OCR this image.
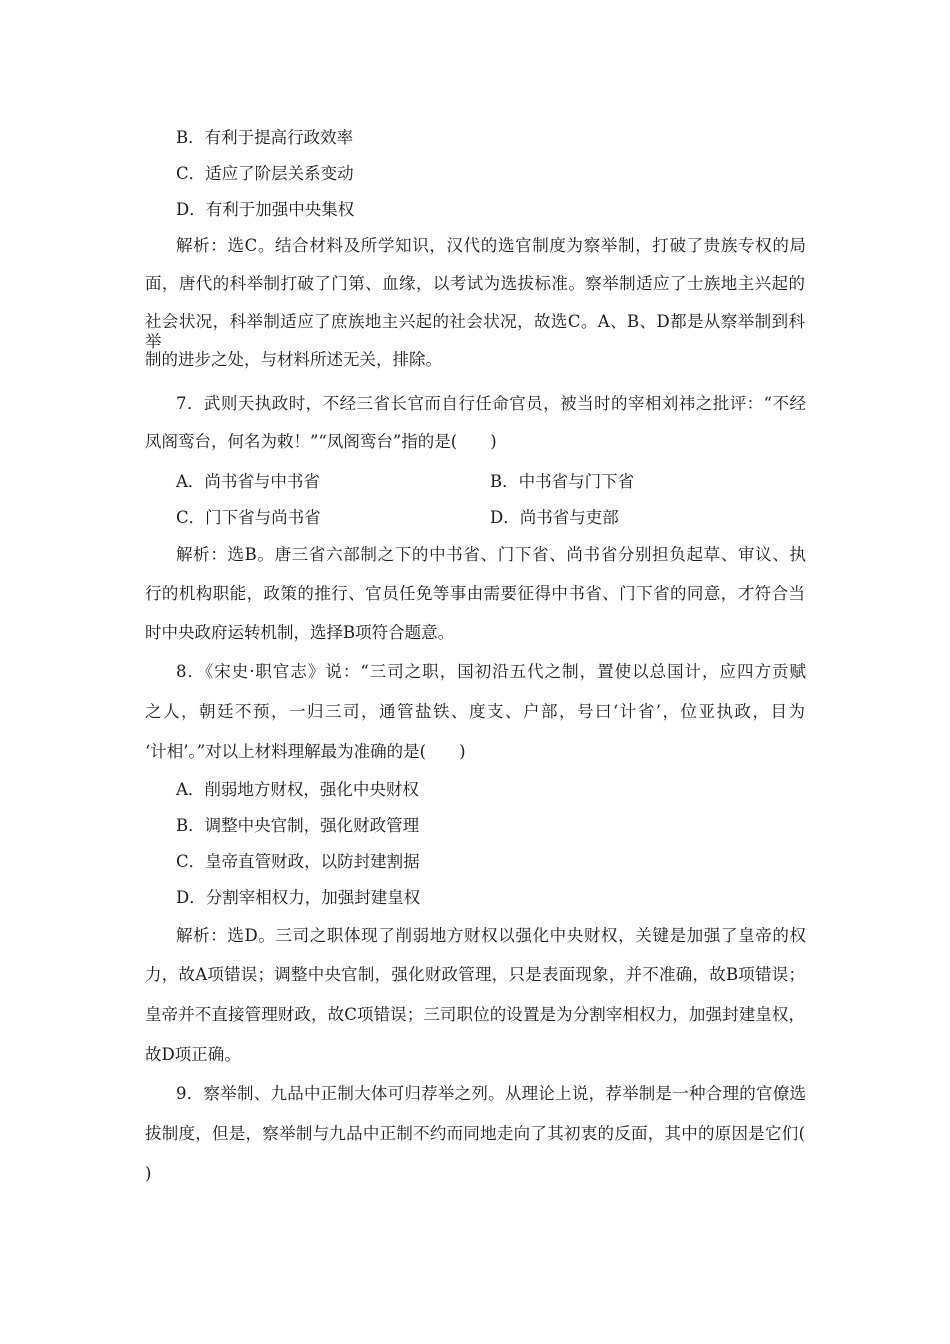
B．有利于提高行政效率
C．适应了阶层关系变动
D．有利于加强中央集权
解析：选C。结合材料及所学知识，汉代的选官制度为察举制，打破了贵族专权的局
面，唐代的科举制打破了门第、血缘，以考试为选拔标准。察举制适应了士族地主兴起的
社会状况，科举制适应了庶族地主兴起的社会状况，故选C。A、B、D都是从察举制到科举
制的进步之处，与材料所述无关，排除。
7．武则天执政时，不经三省长官而自行任命官员，被当时的宰相刘祎之批评：“不经
凤阁鸾台，何名为敕！”“凤阁鸾台”指的是(　　)
A．尚书省与中书省	B．中书省与门下省
C．门下省与尚书省	D．尚书省与吏部
解析：选B。唐三省六部制之下的中书省、门下省、尚书省分别担负起草、审议、执
行的机构职能，政策的推行、官员任免等事由需要征得中书省、门下省的同意，才符合当
时中央政府运转机制，选择B项符合题意。
8．《宋史·职官志》说：“三司之职，国初沿五代之制，置使以总国计，应四方贡赋
之人，朝廷不预，一归三司，通管盐铁、度支、户部，号曰‘计省’，位亚执政，目为
‘计相’。”对以上材料理解最为准确的是(　　)
A．削弱地方财权，强化中央财权
B．调整中央官制，强化财政管理
C．皇帝直管财政，以防封建割据
D．分割宰相权力，加强封建皇权
解析：选D。三司之职体现了削弱地方财权以强化中央财权，关键是加强了皇帝的权
力，故A项错误；调整中央官制，强化财政管理，只是表面现象，并不准确，故B项错误；
皇帝并不直接管理财政，故C项错误；三司职位的设置是为分割宰相权力，加强封建皇权，
故D项正确。
9．察举制、九品中正制大体可归荐举之列。从理论上说，荐举制是一种合理的官僚选
拔制度，但是，察举制与九品中正制不约而同地走向了其初衷的反面，其中的原因是它们(
)
